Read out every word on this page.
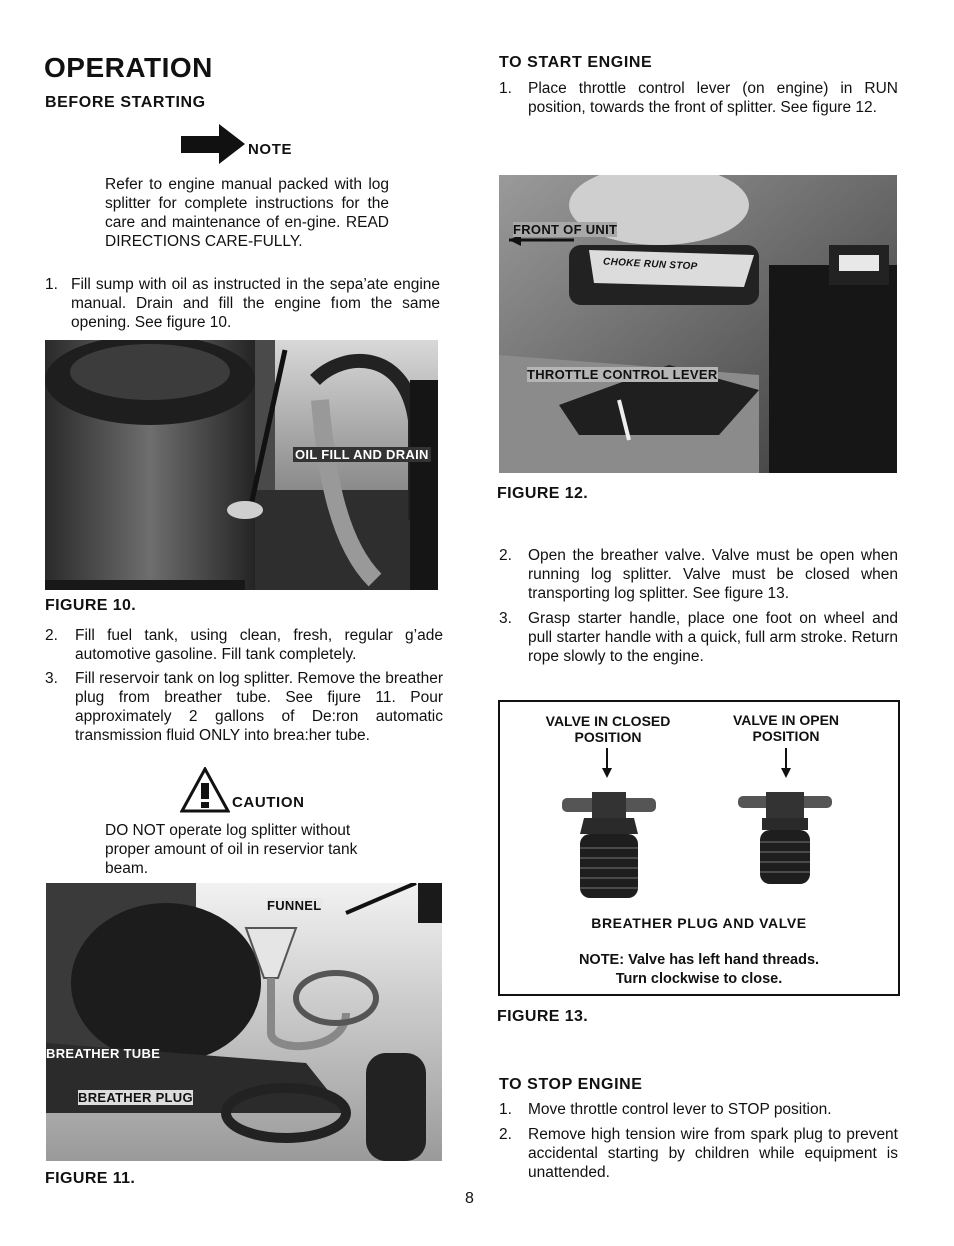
OPERATION
BEFORE STARTING
NOTE
Refer to engine manual packed with log splitter for complete instructions for the care and maintenance of en-gine. READ DIRECTIONS CARE-FULLY.
1. Fill sump with oil as instructed in the sepa’ate engine manual. Drain and fill the engine fıom the same opening. See figure 10.
OIL FILL AND DRAIN
FIGURE 10.
2. Fill fuel tank, using clean, fresh, regular g’ade automotive gasoline. Fill tank completely.
3. Fill reservoir tank on log splitter. Remove the breather plug from breather tube. See fiȷure 11. Pour approximately 2 gallons of De:ron automatic transmission fluid ONLY into brea:her tube.
CAUTION
DO NOT operate log splitter without proper amount of oil in reservior tank beam.
FUNNEL
BREATHER TUBE
BREATHER PLUG
FIGURE 11.
TO START ENGINE
1. Place throttle control lever (on engine) in RUN position, towards the front of splitter. See figure 12.
FRONT OF UNIT
CHOKE RUN STOP
THROTTLE CONTROL LEVER
FIGURE 12.
2. Open the breather valve. Valve must be open when running log splitter. Valve must be closed when transporting log splitter. See figure 13.
3. Grasp starter handle, place one foot on wheel and pull starter handle with a quick, full arm stroke. Return rope slowly to the engine.
VALVE IN CLOSED
POSITION
VALVE IN OPEN
POSITION
BREATHER PLUG AND VALVE
NOTE: Valve has left hand threads.
Turn clockwise to close.
FIGURE 13.
TO STOP ENGINE
1. Move throttle control lever to STOP position.
2. Remove high tension wire from spark plug to prevent accidental starting by children while equipment is unattended.
8
